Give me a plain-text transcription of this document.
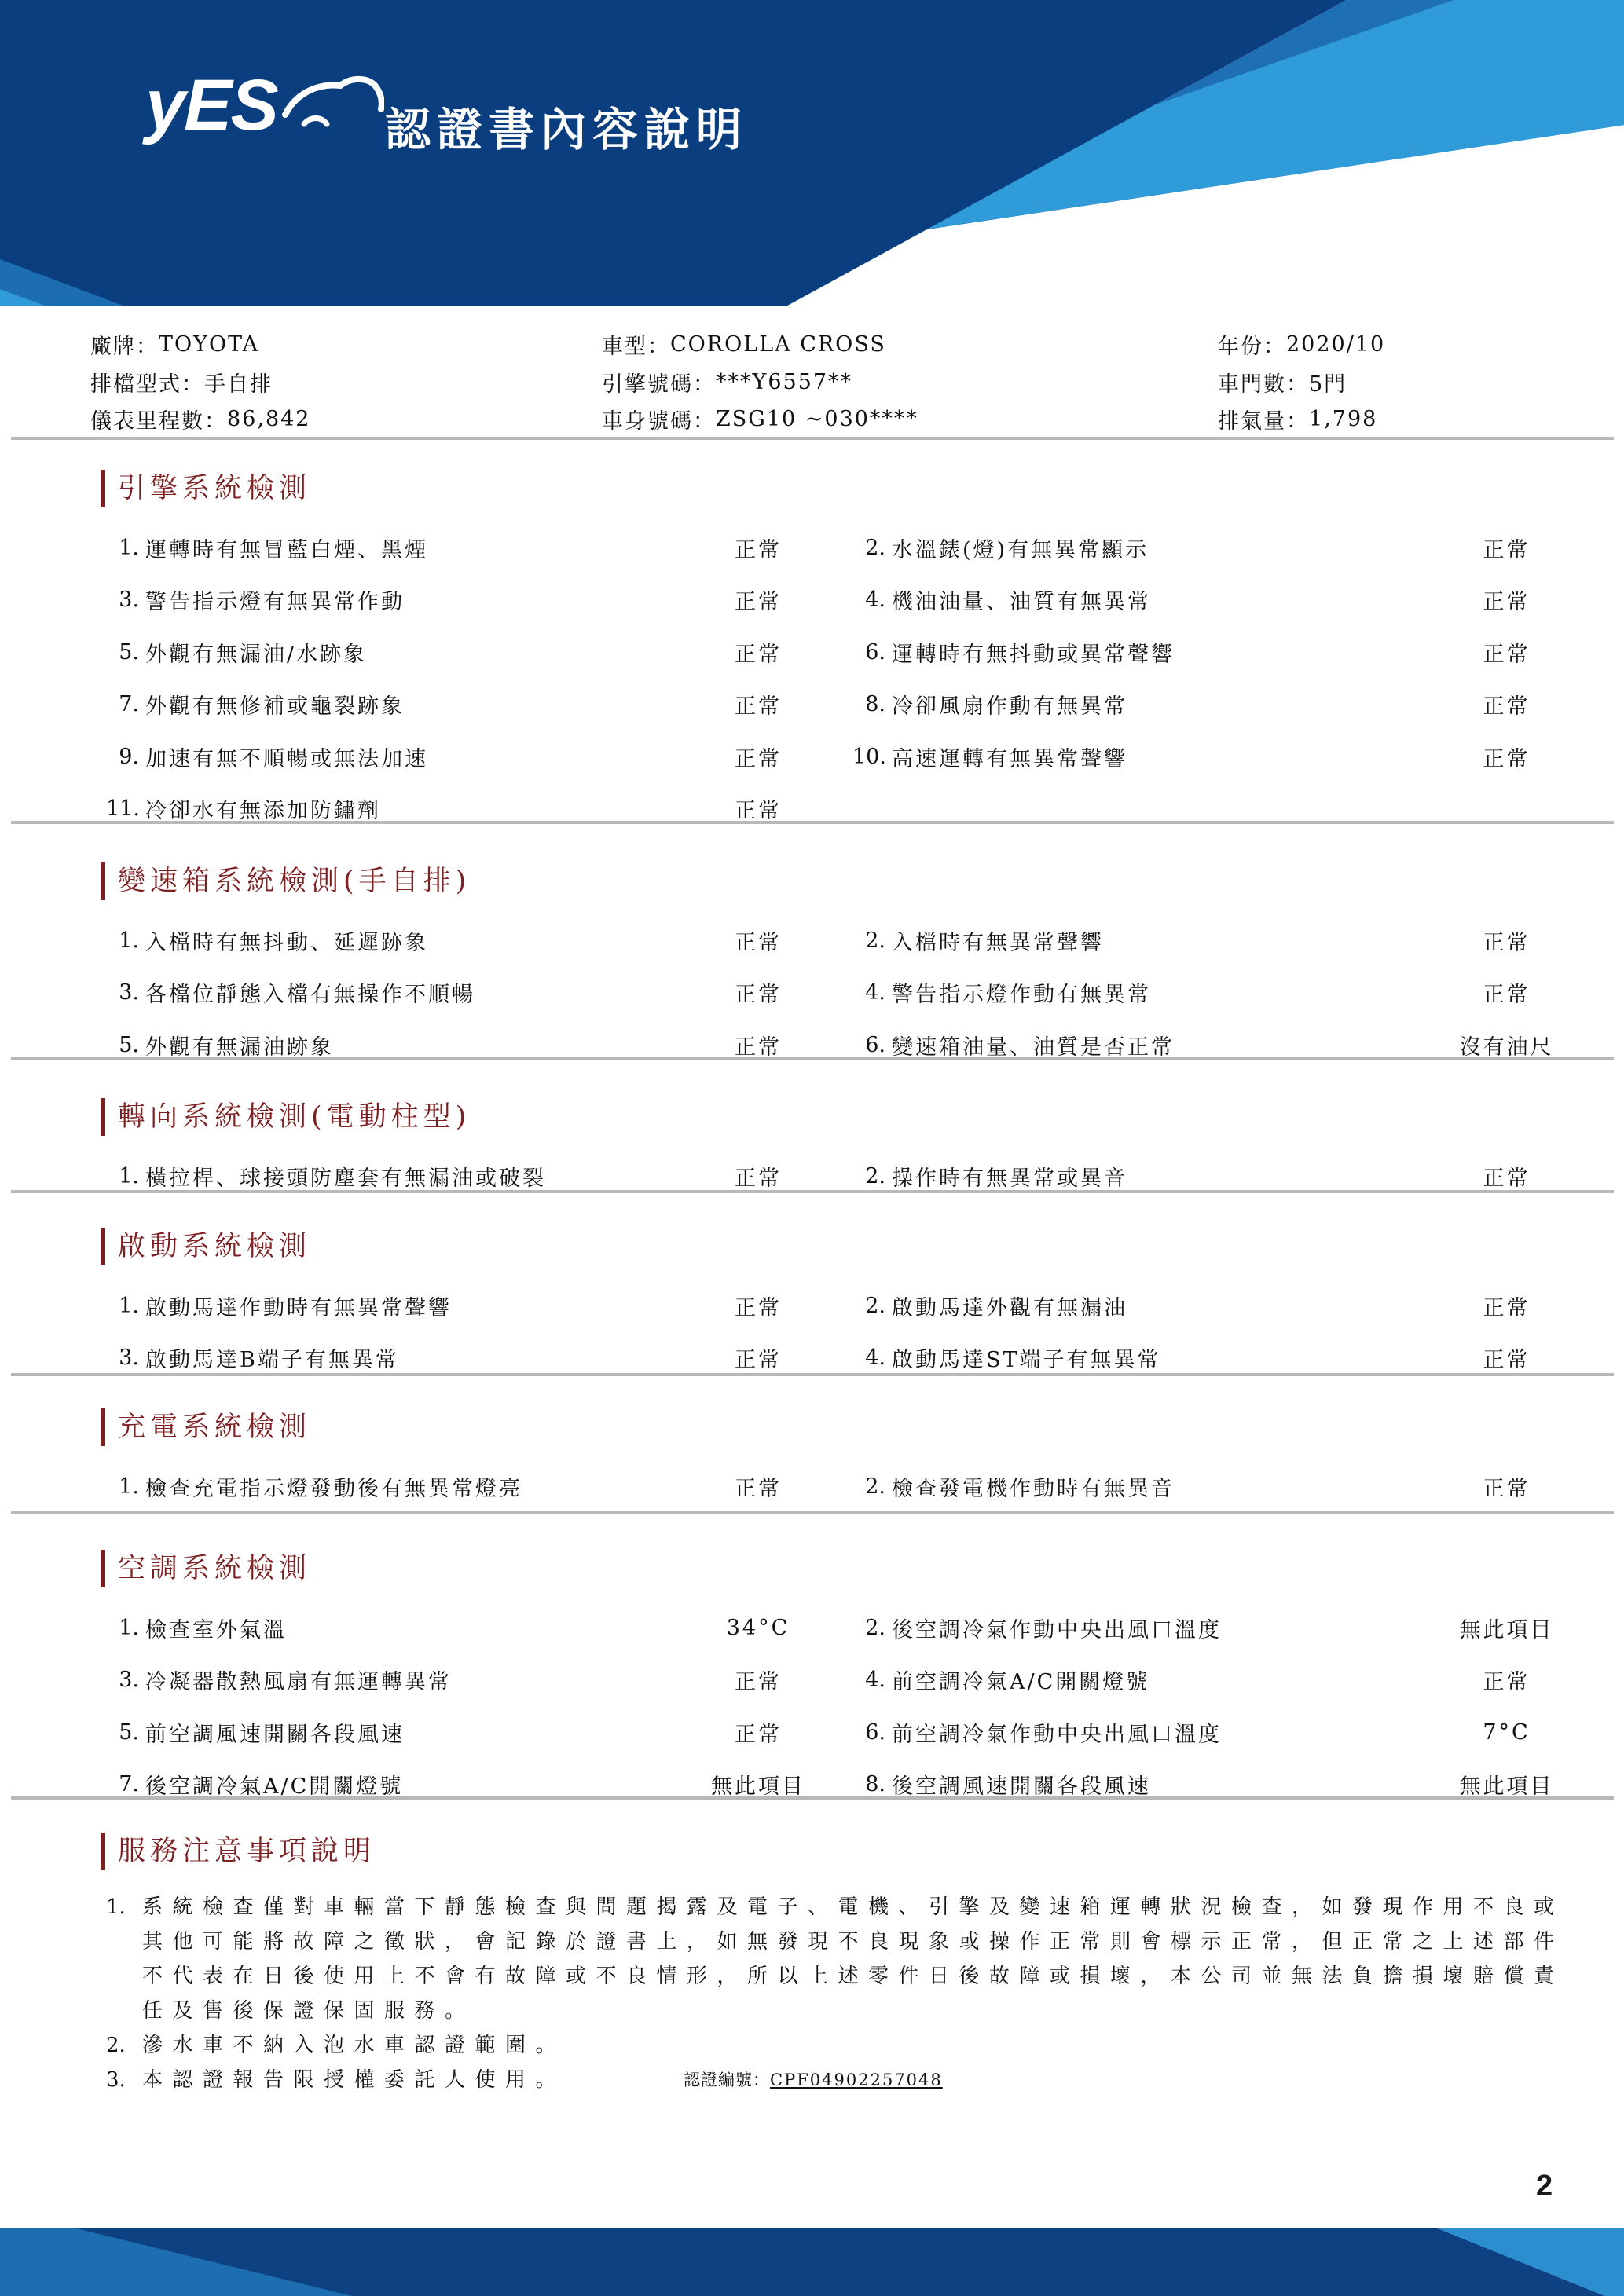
yES 認證書內容說明
廠牌： TOYOTA	車型： COROLLA CROSS	年份： 2020/10
排檔型式： 手自排	引擎號碼： ***Y6557**	車門數： 5門
儀表里程數： 86,842	車身號碼： ZSG10 ~030****	排氣量： 1,798
引擎系統檢測
1. 運轉時有無冒藍白煙、黑煙	正常	2. 水溫錶(燈)有無異常顯示	正常
3. 警告指示燈有無異常作動	正常	4. 機油油量、油質有無異常	正常
5. 外觀有無漏油/水跡象	正常	6. 運轉時有無抖動或異常聲響	正常
7. 外觀有無修補或龜裂跡象	正常	8. 冷卻風扇作動有無異常	正常
9. 加速有無不順暢或無法加速	正常	10. 高速運轉有無異常聲響	正常
11. 冷卻水有無添加防鏽劑	正常
變速箱系統檢測(手自排)
1. 入檔時有無抖動、延遲跡象	正常	2. 入檔時有無異常聲響	正常
3. 各檔位靜態入檔有無操作不順暢	正常	4. 警告指示燈作動有無異常	正常
5. 外觀有無漏油跡象	正常	6. 變速箱油量、油質是否正常	沒有油尺
轉向系統檢測(電動柱型)
1. 橫拉桿、球接頭防塵套有無漏油或破裂	正常	2. 操作時有無異常或異音	正常
啟動系統檢測
1. 啟動馬達作動時有無異常聲響	正常	2. 啟動馬達外觀有無漏油	正常
3. 啟動馬達B端子有無異常	正常	4. 啟動馬達ST端子有無異常	正常
充電系統檢測
1. 檢查充電指示燈發動後有無異常燈亮	正常	2. 檢查發電機作動時有無異音	正常
空調系統檢測
1. 檢查室外氣溫	34°C	2. 後空調冷氣作動中央出風口溫度	無此項目
3. 冷凝器散熱風扇有無運轉異常	正常	4. 前空調冷氣A/C開關燈號	正常
5. 前空調風速開關各段風速	正常	6. 前空調冷氣作動中央出風口溫度	7°C
7. 後空調冷氣A/C開關燈號	無此項目	8. 後空調風速開關各段風速	無此項目
服務注意事項說明
1. 系統檢查僅對車輛當下靜態檢查與問題揭露及電子、電機、引擎及變速箱運轉狀況檢查，如發現作用不良或其他可能將故障之徵狀，會記錄於證書上，如無發現不良現象或操作正常則會標示正常，但正常之上述部件不代表在日後使用上不會有故障或不良情形，所以上述零件日後故障或損壞，本公司並無法負擔損壞賠償責任及售後保證保固服務。
2. 滲水車不納入泡水車認證範圍。
3. 本認證報告限授權委託人使用。	認證編號：CPF04902257048
2
